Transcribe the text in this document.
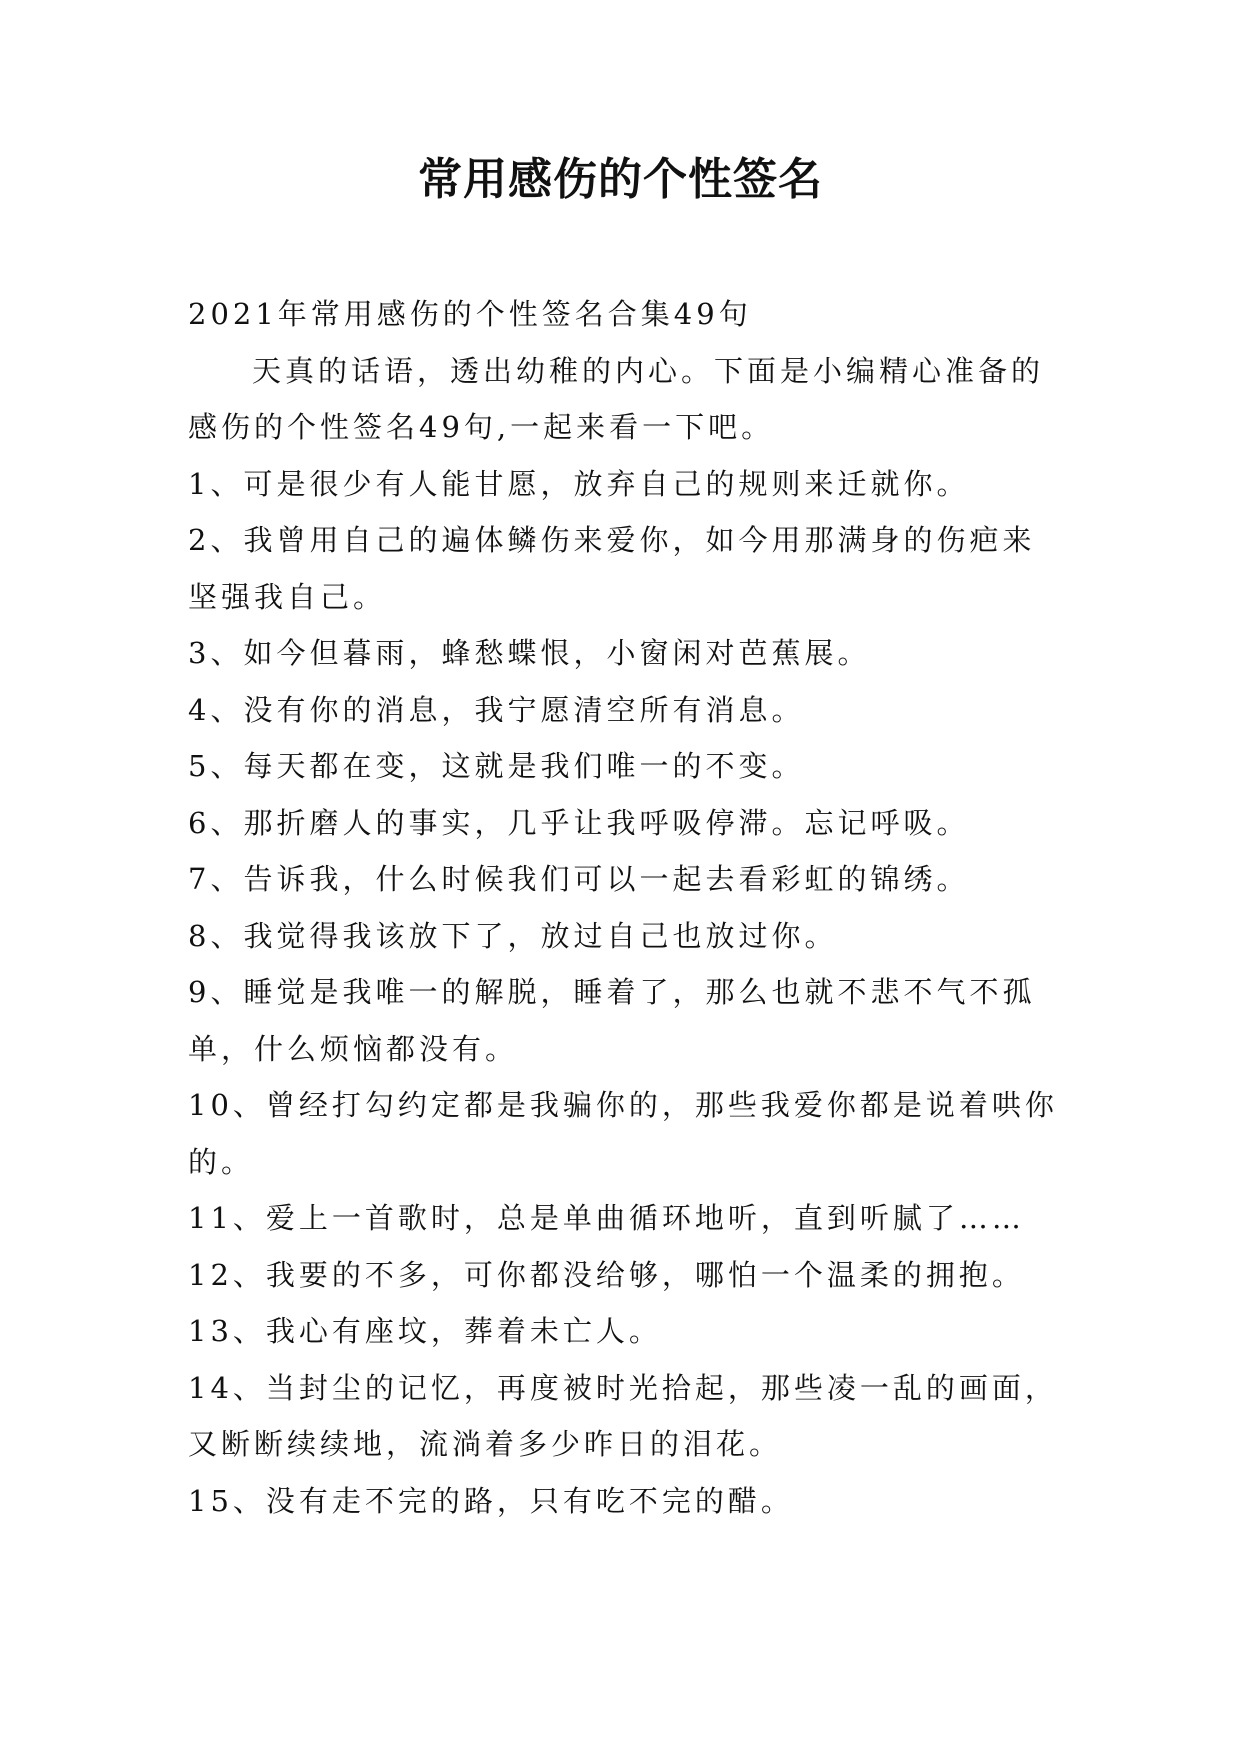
常用感伤的个性签名

2021年常用感伤的个性签名合集49句

天真的话语，透出幼稚的内心。下面是小编精心准备的感伤的个性签名49句,一起来看一下吧。

1、可是很少有人能甘愿，放弃自己的规则来迁就你。

2、我曾用自己的遍体鳞伤来爱你，如今用那满身的伤疤来坚强我自己。

3、如今但暮雨，蜂愁蝶恨，小窗闲对芭蕉展。

4、没有你的消息，我宁愿清空所有消息。

5、每天都在变，这就是我们唯一的不变。

6、那折磨人的事实，几乎让我呼吸停滞。忘记呼吸。

7、告诉我，什么时候我们可以一起去看彩虹的锦绣。

8、我觉得我该放下了，放过自己也放过你。

9、睡觉是我唯一的解脱，睡着了，那么也就不悲不气不孤单，什么烦恼都没有。

10、曾经打勾约定都是我骗你的，那些我爱你都是说着哄你的。

11、爱上一首歌时，总是单曲循环地听，直到听腻了……

12、我要的不多，可你都没给够，哪怕一个温柔的拥抱。

13、我心有座坟，葬着未亡人。

14、当封尘的记忆，再度被时光拾起，那些凌一乱的画面，又断断续续地，流淌着多少昨日的泪花。

15、没有走不完的路，只有吃不完的醋。
